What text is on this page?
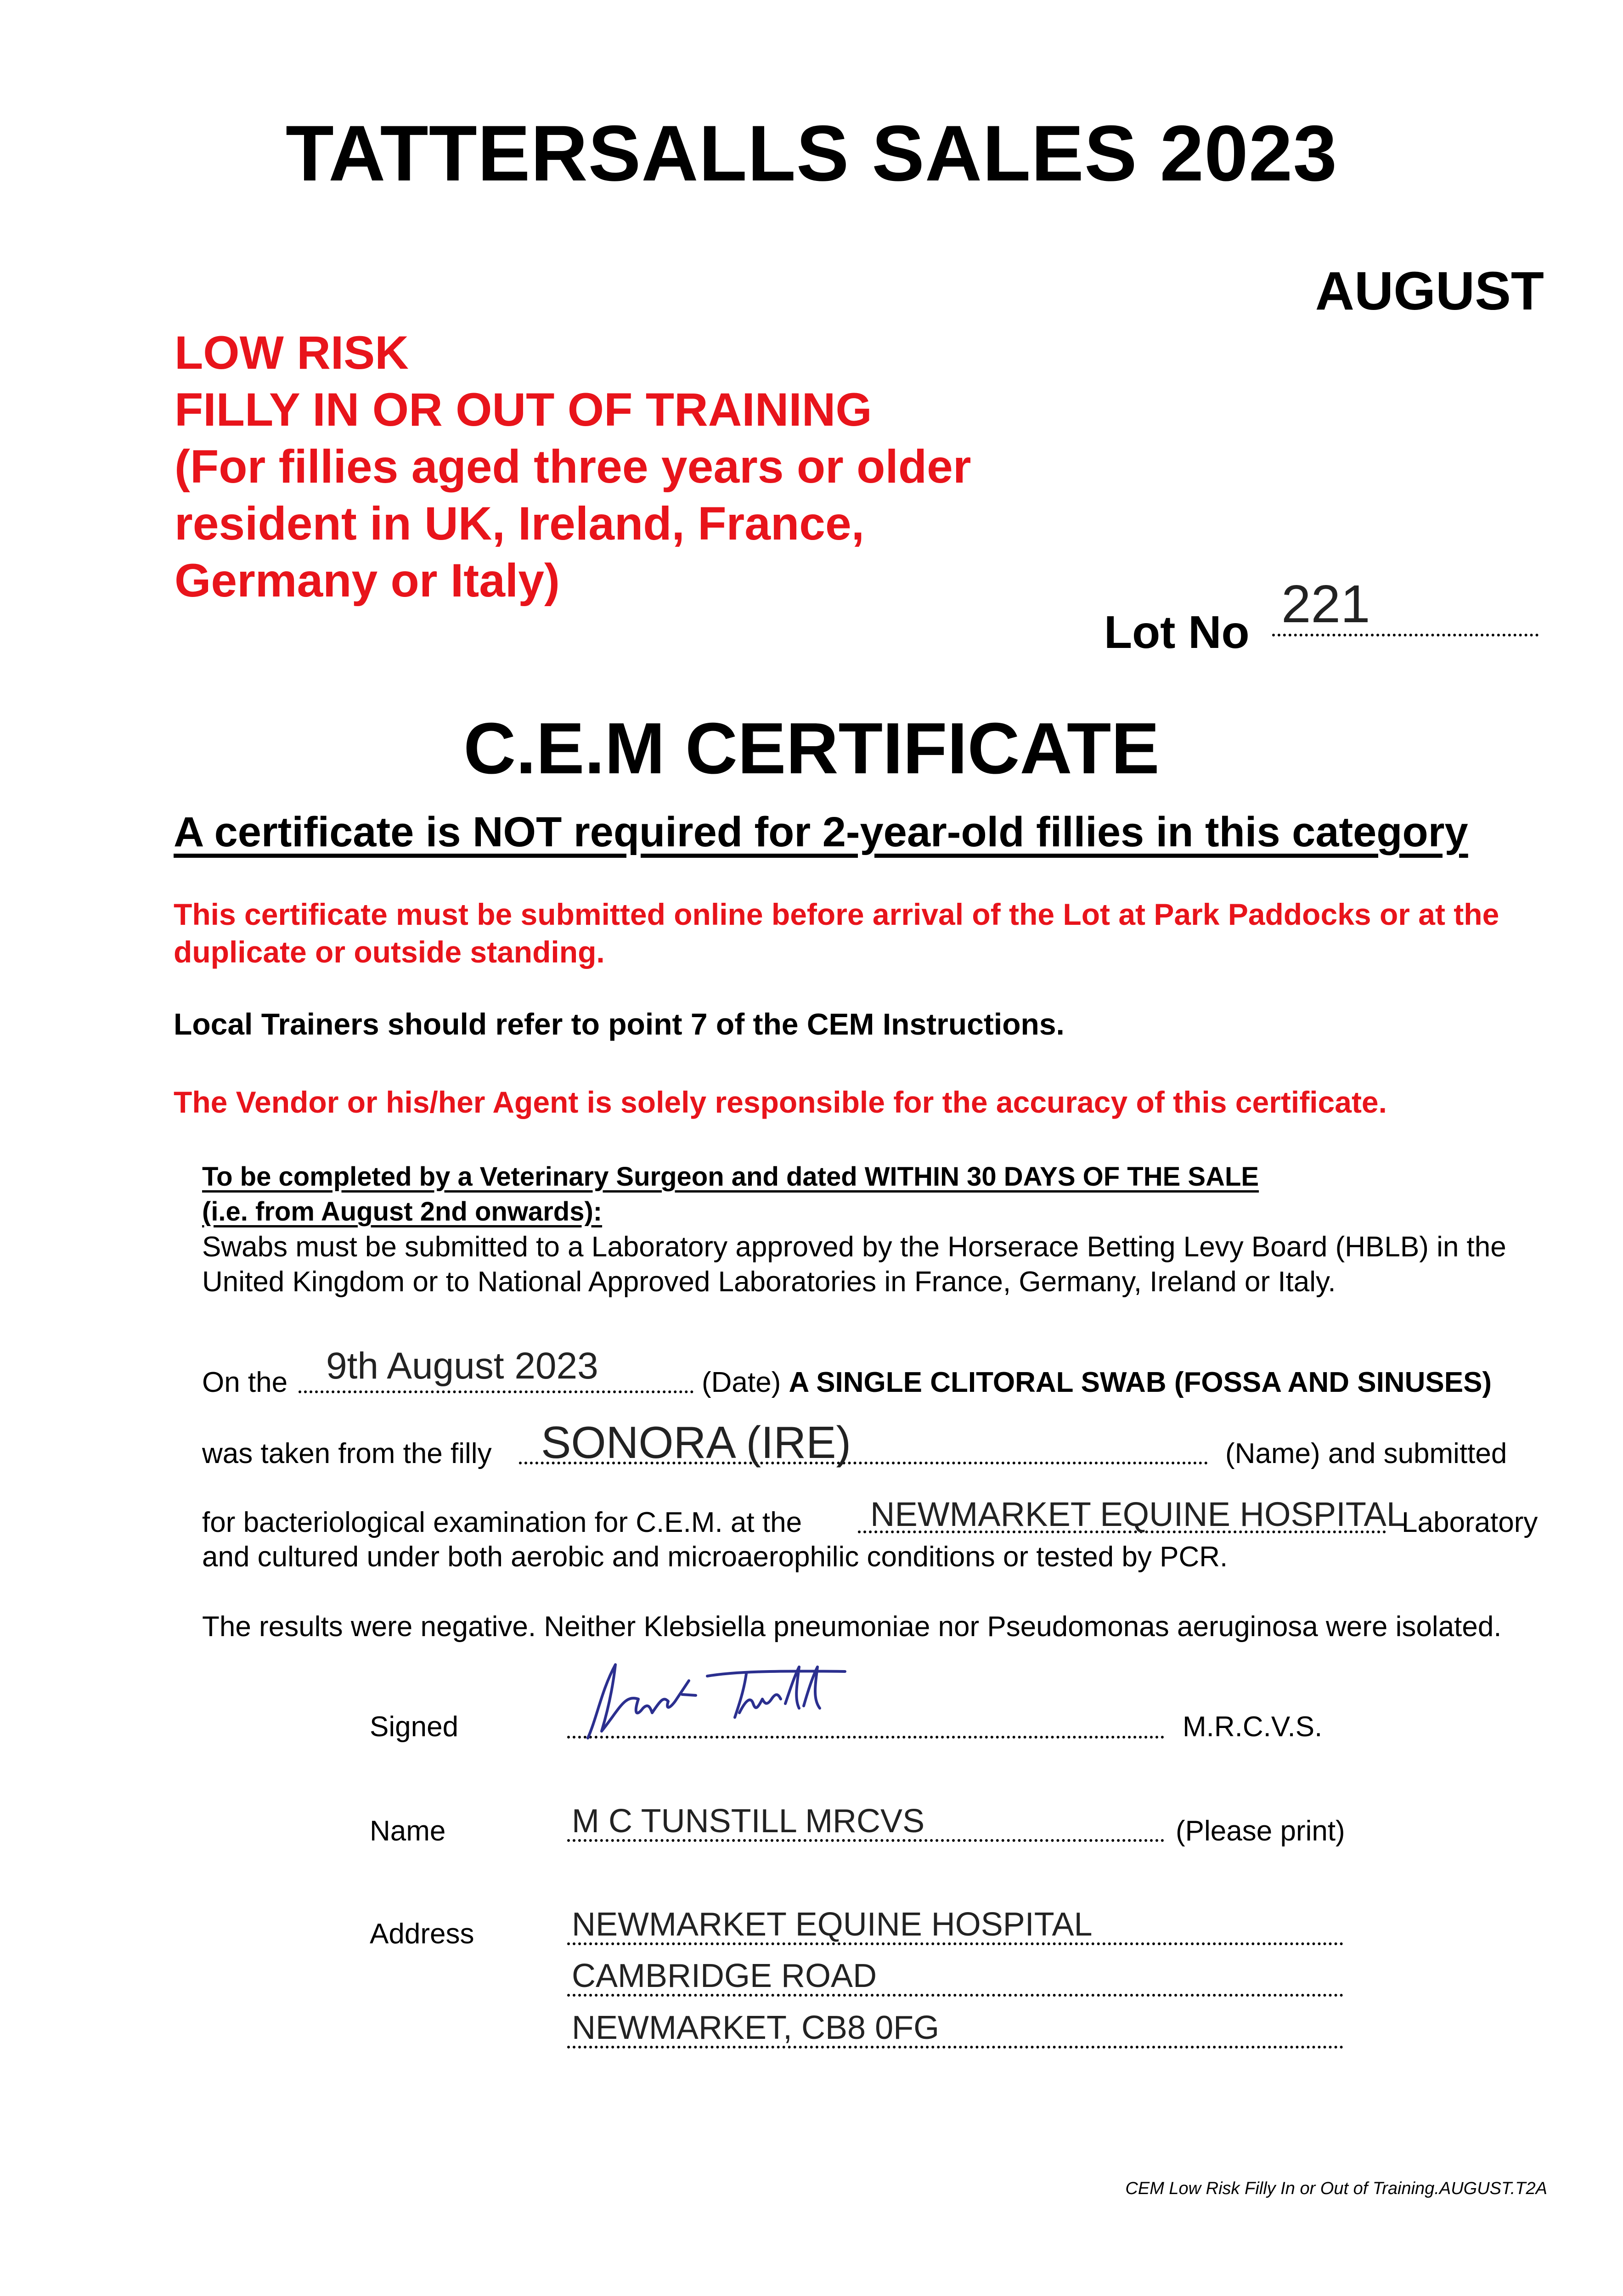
TATTERSALLS SALES 2023
AUGUST
LOW RISK
FILLY IN OR OUT OF TRAINING
(For fillies aged three years or older
resident in UK, Ireland, France,
Germany or Italy)
Lot No 221
C.E.M CERTIFICATE
A certificate is NOT required for 2-year-old fillies in this category
This certificate must be submitted online before arrival of the Lot at Park Paddocks or at the duplicate or outside standing.
Local Trainers should refer to point 7 of the CEM Instructions.
The Vendor or his/her Agent is solely responsible for the accuracy of this certificate.
To be completed by a Veterinary Surgeon and dated WITHIN 30 DAYS OF THE SALE
(i.e. from August 2nd onwards):
Swabs must be submitted to a Laboratory approved by the Horserace Betting Levy Board (HBLB) in the United Kingdom or to National Approved Laboratories in France, Germany, Ireland or Italy.
On the 9th August 2023	(Date) A SINGLE CLITORAL SWAB (FOSSA AND SINUSES)
was taken from the filly SONORA (IRE)	(Name) and submitted
for bacteriological examination for C.E.M. at the NEWMARKET EQUINE HOSPITAL
Laboratory
and cultured under both aerobic and microaerophilic conditions or tested by PCR.
The results were negative. Neither Klebsiella pneumoniae nor Pseudomonas aeruginosa were isolated.
Signed	M.R.C.V.S.
Name	M C TUNSTILL MRCVS	(Please print)
Address	NEWMARKET EQUINE HOSPITAL
CAMBRIDGE ROAD
NEWMARKET, CB8 0FG
CEM Low Risk Filly In or Out of Training.AUGUST.T2A
